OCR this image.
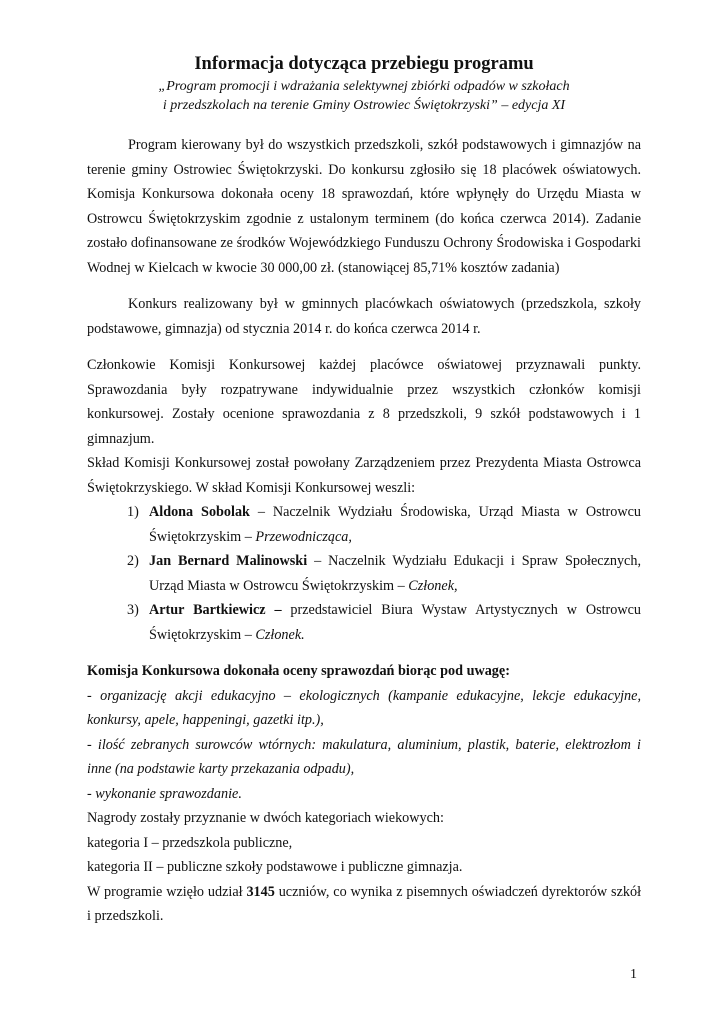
Informacja dotycząca przebiegu programu
„Program promocji i wdrażania selektywnej zbiórki odpadów w szkołach
i przedszkolach na terenie Gminy Ostrowiec Świętokrzyski” – edycja XI

Program kierowany był do wszystkich przedszkoli, szkół podstawowych i gimnazjów na terenie gminy Ostrowiec Świętokrzyski. Do konkursu zgłosiło się 18 placówek oświatowych. Komisja Konkursowa dokonała oceny 18 sprawozdań, które wpłynęły do Urzędu Miasta w Ostrowcu Świętokrzyskim zgodnie z ustalonym terminem (do końca czerwca 2014). Zadanie zostało dofinansowane ze środków Wojewódzkiego Funduszu Ochrony Środowiska i Gospodarki Wodnej w Kielcach w kwocie 30 000,00 zł. (stanowiącej 85,71% kosztów zadania)

Konkurs realizowany był w gminnych placówkach oświatowych (przedszkola, szkoły podstawowe, gimnazja) od stycznia 2014 r. do końca czerwca 2014 r.

Członkowie Komisji Konkursowej każdej placówce oświatowej przyznawali punkty. Sprawozdania były rozpatrywane indywidualnie przez wszystkich członków komisji konkursowej. Zostały ocenione sprawozdania z 8 przedszkoli, 9 szkół podstawowych i 1 gimnazjum.

Skład Komisji Konkursowej został powołany Zarządzeniem przez Prezydenta Miasta Ostrowca Świętokrzyskiego. W skład Komisji Konkursowej weszli:

1) Aldona Sobolak – Naczelnik Wydziału Środowiska, Urząd Miasta w Ostrowcu Świętokrzyskim – Przewodnicząca,
2) Jan Bernard Malinowski – Naczelnik Wydziału Edukacji i Spraw Społecznych, Urząd Miasta w Ostrowcu Świętokrzyskim – Członek,
3) Artur Bartkiewicz – przedstawiciel Biura Wystaw Artystycznych w Ostrowcu Świętokrzyskim – Członek.

Komisja Konkursowa dokonała oceny sprawozdań biorąc pod uwagę:

- organizację akcji edukacyjno – ekologicznych (kampanie edukacyjne, lekcje edukacyjne, konkursy, apele, happeningi, gazetki itp.),

- ilość zebranych surowców wtórnych: makulatura, aluminium, plastik, baterie, elektrozłom i inne (na podstawie karty przekazania odpadu),

- wykonanie sprawozdanie.

Nagrody zostały przyznanie w dwóch kategoriach wiekowych:

kategoria I – przedszkola publiczne,

kategoria II – publiczne szkoły podstawowe i publiczne gimnazja.

W programie wzięło udział 3145 uczniów, co wynika z pisemnych oświadczeń dyrektorów szkół i przedszkoli.

1
